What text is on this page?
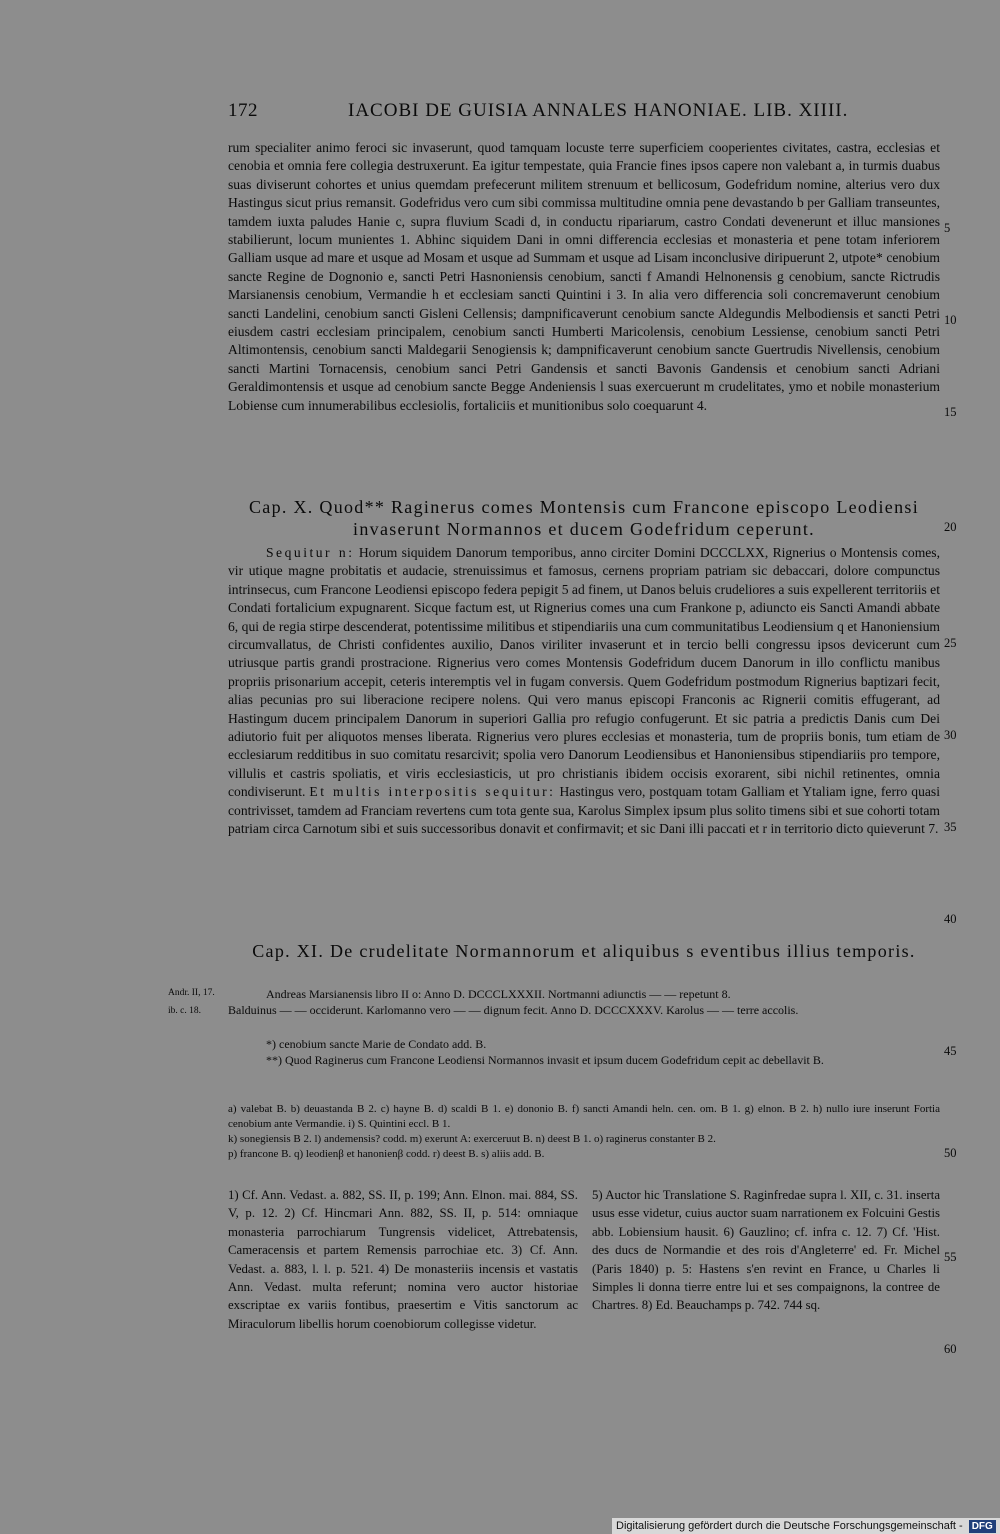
172	IACOBI DE GUISIA ANNALES HANONIAE. LIB. XIIII.

rum specialiter animo feroci sic invaserunt, quod tamquam locuste terre superficiem cooperientes civitates, castra, ecclesias et cenobia et omnia fere collegia destruxerunt. Ea igitur tempestate, quia Francie fines ipsos capere non valebant a, in turmis duabus suas diviserunt cohortes et unius quemdam prefecerunt militem strenuum et bellicosum, Godefridum nomine, alterius vero dux Hastingus sicut prius remansit. Godefridus vero cum sibi commissa multitudine omnia pene devastando b per Galliam transeuntes, tamdem iuxta paludes Hanie c, supra fluvium Scadi d, in conductu ripariarum, castro Condati devenerunt et illuc mansiones stabilierunt, locum munientes 1. Abhinc siquidem Dani in omni differencia ecclesias et monasteria et pene totam inferiorem Galliam usque ad mare et usque ad Mosam et usque ad Summam et usque ad Lisam inconclusive diripuerunt 2, utpote* cenobium sancte Regine de Dognonio e, sancti Petri Hasnoniensis cenobium, sancti f Amandi Helnonensis g cenobium, sancte Rictrudis Marsianensis cenobium, Vermandie h et ecclesiam sancti Quintini i 3. In alia vero differencia soli concremaverunt cenobium sancti Landelini, cenobium sancti Gisleni Cellensis; dampnificaverunt cenobium sancte Aldegundis Melbodiensis et sancti Petri eiusdem castri ecclesiam principalem, cenobium sancti Humberti Maricolensis, cenobium Lessiense, cenobium sancti Petri Altimontensis, cenobium sancti Maldegarii Senogiensis k; dampnificaverunt cenobium sancte Guertrudis Nivellensis, cenobium sancti Martini Tornacensis, cenobium sanci Petri Gandensis et sancti Bavonis Gandensis et cenobium sancti Adriani Geraldimontensis et usque ad cenobium sancte Begge Andeniensis l suas exercuerunt m crudelitates, ymo et nobile monasterium Lobiense cum innumerabilibus ecclesiolis, fortaliciis et munitionibus solo coequarunt 4.

Cap. X. Quod** Raginerus comes Montensis cum Francone episcopo Leodiensi invaserunt Normannos et ducem Godefridum ceperunt.

Sequitur n: Horum siquidem Danorum temporibus, anno circiter Domini DCCCLXX, Rignerius o Montensis comes, vir utique magne probitatis et audacie, strenuissimus et famosus, cernens propriam patriam sic debaccari, dolore compunctus intrinsecus, cum Francone Leodiensi episcopo federa pepigit 5 ad finem, ut Danos beluis crudeliores a suis expellerent territoriis et Condati fortalicium expugnarent. Sicque factum est, ut Rignerius comes una cum Frankone p, adiuncto eis Sancti Amandi abbate 6, qui de regia stirpe descenderat, potentissime militibus et stipendiariis una cum communitatibus Leodiensium q et Hanoniensium circumvallatus, de Christi confidentes auxilio, Danos viriliter invaserunt et in tercio belli congressu ipsos devicerunt cum utriusque partis grandi prostracione. Rignerius vero comes Montensis Godefridum ducem Danorum in illo conflictu manibus propriis prisonarium accepit, ceteris interemptis vel in fugam conversis. Quem Godefridum postmodum Rignerius baptizari fecit, alias pecunias pro sui liberacione recipere nolens. Qui vero manus episcopi Franconis ac Rignerii comitis effugerant, ad Hastingum ducem principalem Danorum in superiori Gallia pro refugio confugerunt. Et sic patria a predictis Danis cum Dei adiutorio fuit per aliquotos menses liberata. Rignerius vero plures ecclesias et monasteria, tum de propriis bonis, tum etiam de ecclesiarum redditibus in suo comitatu resarcivit; spolia vero Danorum Leodiensibus et Hanoniensibus stipendiariis pro tempore, villulis et castris spoliatis, et viris ecclesiasticis, ut pro christianis ibidem occisis exorarent, sibi nichil retinentes, omnia condiviserunt. Et multis interpositis sequitur: Hastingus vero, postquam totam Galliam et Ytaliam igne, ferro quasi contrivisset, tamdem ad Franciam revertens cum tota gente sua, Karolus Simplex ipsum plus solito timens sibi et sue cohorti totam patriam circa Carnotum sibi et suis successoribus donavit et confirmavit; et sic Dani illi paccati et r in territorio dicto quieverunt 7.

Cap. XI. De crudelitate Normannorum et aliquibus s eventibus illius temporis.
Andr. II, 17.
ib. c. 18.

Andreas Marsianensis libro II o: Anno D. DCCCLXXXII. Nortmanni adiunctis — — repetunt 8.

Balduinus — — occiderunt. Karlomanno vero — — dignum fecit. Anno D. DCCCXXXV. Karolus — — terre accolis.

*) cenobium sancte Marie de Condato add. B.

**) Quod Raginerus cum Francone Leodiensi Normannos invasit et ipsum ducem Godefridum cepit ac debellavit B.

a) valebat B. b) deuastanda B 2. c) hayne B. d) scaldi B 1. e) dononio B. f) sancti Amandi heln. cen. om. B 1. g) elnon. B 2. h) nullo iure inserunt Fortia cenobium ante Vermandie. i) S. Quintini eccl. B 1.

k) sonegiensis B 2. l) andemensis? codd. m) exerunt A: exerceruut B. n) deest B 1. o) raginerus constanter B 2.

p) francone B. q) leodienβ et hanonienβ codd. r) deest B. s) aliis add. B.

1) Cf. Ann. Vedast. a. 882, SS. II, p. 199; Ann. Elnon. mai. 884, SS. V, p. 12. 2) Cf. Hincmari Ann. 882, SS. II, p. 514: omniaque monasteria parrochiarum Tungrensis videlicet, Attrebatensis, Cameracensis et partem Remensis parrochiae etc. 3) Cf. Ann. Vedast. a. 883, l. l. p. 521. 4) De monasteriis incensis et vastatis Ann. Vedast. multa referunt; nomina vero auctor historiae exscriptae ex variis fontibus, praesertim e Vitis sanctorum ac Miraculorum libellis horum coenobiorum collegisse videtur.

5) Auctor hic Translatione S. Raginfredae supra l. XII, c. 31. inserta usus esse videtur, cuius auctor suam narrationem ex Folcuini Gestis abb. Lobiensium hausit. 6) Gauzlino; cf. infra c. 12. 7) Cf. 'Hist. des ducs de Normandie et des rois d'Angleterre' ed. Fr. Michel (Paris 1840) p. 5: Hastens s'en revint en France, u Charles li Simples li donna tierre entre lui et ses compaignons, la contree de Chartres. 8) Ed. Beauchamps p. 742. 744 sq.

5
10
15
20
25
30
35
40
45
50
55
60
Digitalisierung gefördert durch die Deutsche Forschungsgemeinschaft - DFG
